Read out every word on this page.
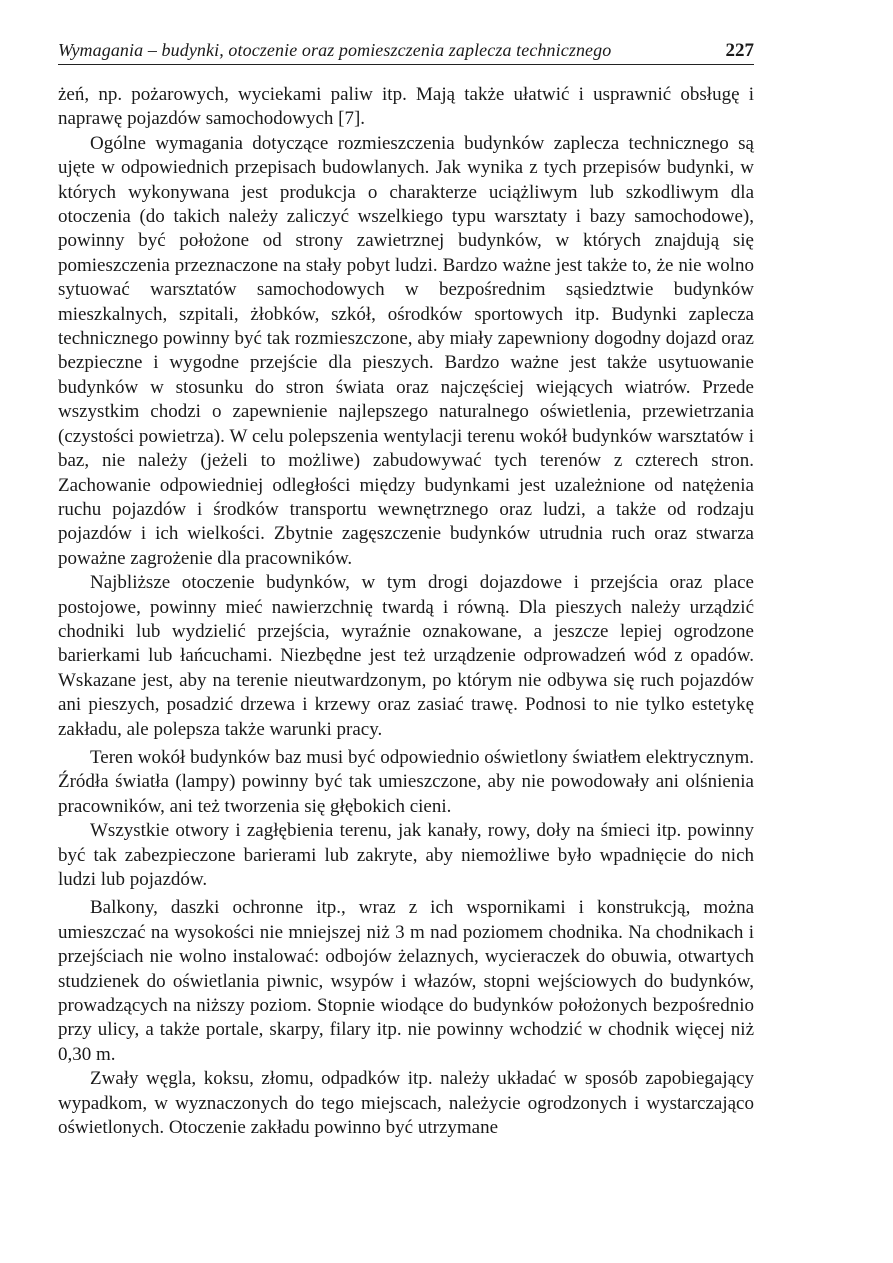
Wymagania – budynki, otoczenie oraz pomieszczenia zaplecza technicznego	227

żeń, np. pożarowych, wyciekami paliw itp. Mają także ułatwić i usprawnić obsługę i naprawę pojazdów samochodowych [7].

Ogólne wymagania dotyczące rozmieszczenia budynków zaplecza technicznego są ujęte w odpowiednich przepisach budowlanych. Jak wynika z tych przepisów budynki, w których wykonywana jest produkcja o charakterze uciążliwym lub szkodliwym dla otoczenia (do takich należy zaliczyć wszelkiego typu warsztaty i bazy samochodowe), powinny być położone od strony zawietrznej budynków, w których znajdują się pomieszczenia przeznaczone na stały pobyt ludzi. Bardzo ważne jest także to, że nie wolno sytuować warsztatów samochodowych w bezpośrednim sąsiedztwie budynków mieszkalnych, szpitali, żłobków, szkół, ośrodków sportowych itp. Budynki zaplecza technicznego powinny być tak rozmieszczone, aby miały zapewniony dogodny dojazd oraz bezpieczne i wygodne przejście dla pieszych. Bardzo ważne jest także usytuowanie budynków w stosunku do stron świata oraz najczęściej wiejących wiatrów. Przede wszystkim chodzi o zapewnienie najlepszego naturalnego oświetlenia, przewietrzania (czystości powietrza). W celu polepszenia wentylacji terenu wokół budynków warsztatów i baz, nie należy (jeżeli to możliwe) zabudowywać tych terenów z czterech stron. Zachowanie odpowiedniej odległości między budynkami jest uzależnione od natężenia ruchu pojazdów i środków transportu wewnętrznego oraz ludzi, a także od rodzaju pojazdów i ich wielkości. Zbytnie zagęszczenie budynków utrudnia ruch oraz stwarza poważne zagrożenie dla pracowników.

Najbliższe otoczenie budynków, w tym drogi dojazdowe i przejścia oraz place postojowe, powinny mieć nawierzchnię twardą i równą. Dla pieszych należy urządzić chodniki lub wydzielić przejścia, wyraźnie oznakowane, a jeszcze lepiej ogrodzone barierkami lub łańcuchami. Niezbędne jest też urządzenie odprowadzeń wód z opadów. Wskazane jest, aby na terenie nieutwardzonym, po którym nie odbywa się ruch pojazdów ani pieszych, posadzić drzewa i krzewy oraz zasiać trawę. Podnosi to nie tylko estetykę zakładu, ale polepsza także warunki pracy.

Teren wokół budynków baz musi być odpowiednio oświetlony światłem elektrycznym. Źródła światła (lampy) powinny być tak umieszczone, aby nie powodowały ani olśnienia pracowników, ani też tworzenia się głębokich cieni.

Wszystkie otwory i zagłębienia terenu, jak kanały, rowy, doły na śmieci itp. powinny być tak zabezpieczone barierami lub zakryte, aby niemożliwe było wpadnięcie do nich ludzi lub pojazdów.

Balkony, daszki ochronne itp., wraz z ich wspornikami i konstrukcją, można umieszczać na wysokości nie mniejszej niż 3 m nad poziomem chodnika. Na chodnikach i przejściach nie wolno instalować: odbojów żelaznych, wycieraczek do obuwia, otwartych studzienek do oświetlania piwnic, wsypów i włazów, stopni wejściowych do budynków, prowadzących na niższy poziom. Stopnie wiodące do budynków położonych bezpośrednio przy ulicy, a także portale, skarpy, filary itp. nie powinny wchodzić w chodnik więcej niż 0,30 m.

Zwały węgla, koksu, złomu, odpadków itp. należy układać w sposób zapobiegający wypadkom, w wyznaczonych do tego miejscach, należycie ogrodzonych i wystarczająco oświetlonych. Otoczenie zakładu powinno być utrzymane
